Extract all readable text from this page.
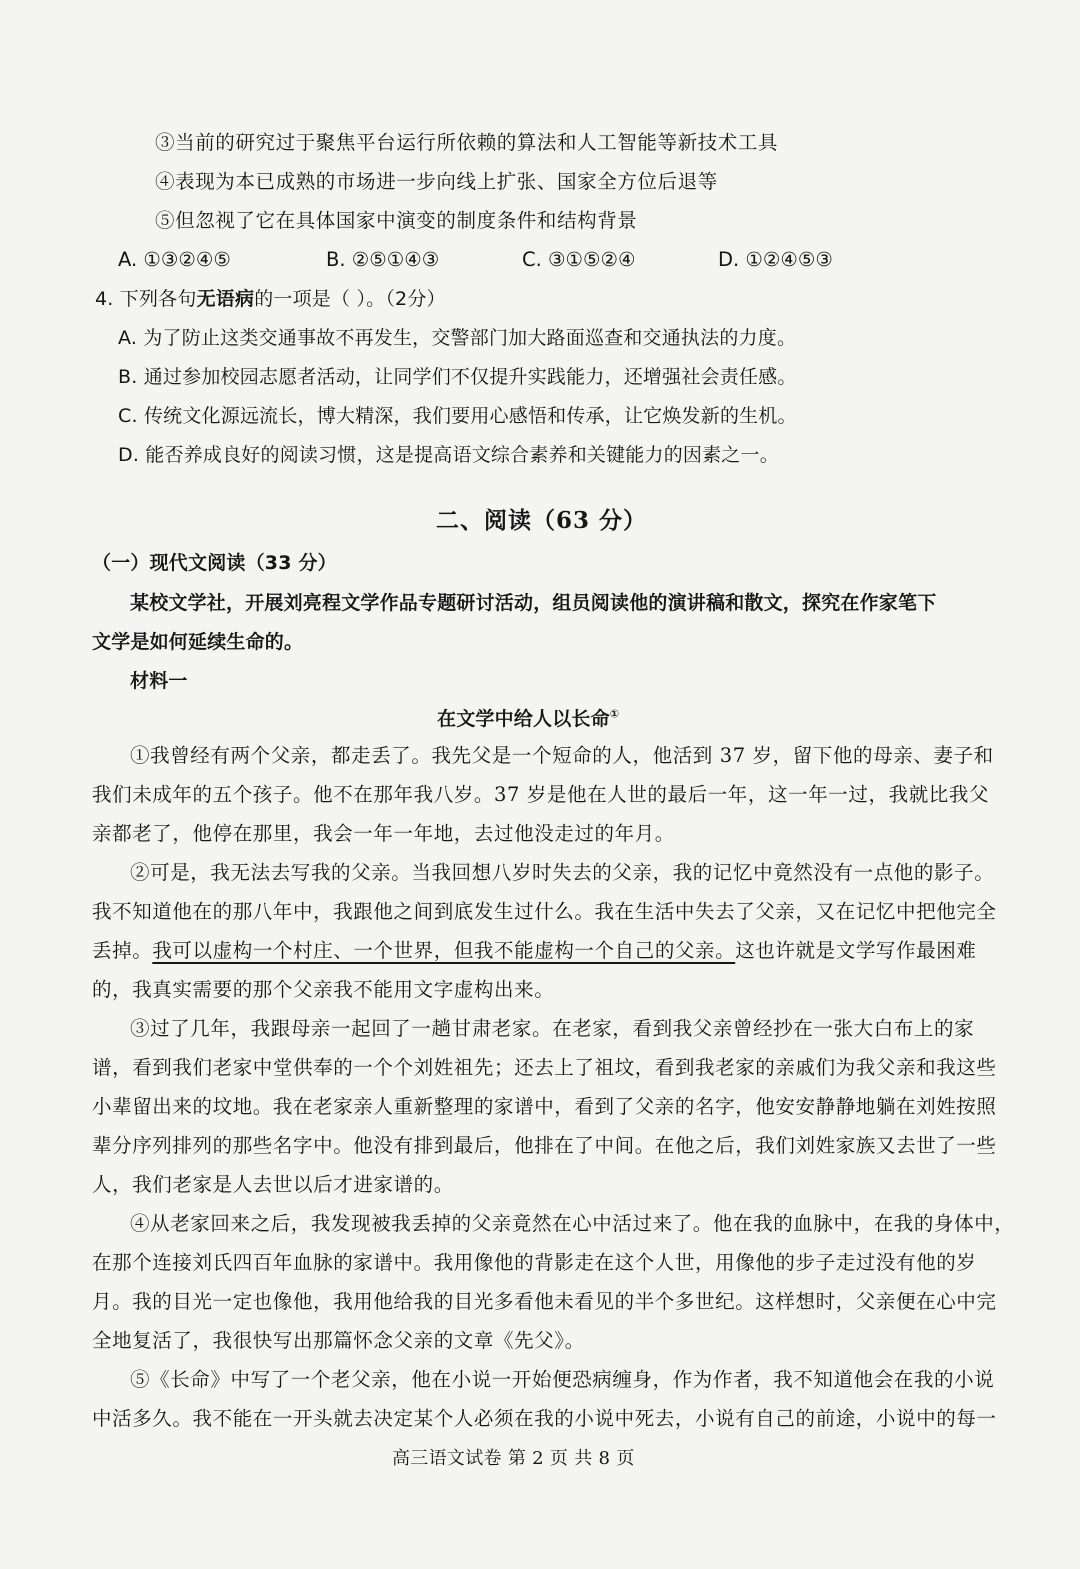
③当前的研究过于聚焦平台运行所依赖的算法和人工智能等新技术工具
④表现为本已成熟的市场进一步向线上扩张、国家全方位后退等
⑤但忽视了它在具体国家中演变的制度条件和结构背景
A. ①③②④⑤	B. ②⑤①④③	C. ③①⑤②④	D. ①②④⑤③
4. 下列各句无语病的一项是（ ）。（2分）
A. 为了防止这类交通事故不再发生，交警部门加大路面巡查和交通执法的力度。
B. 通过参加校园志愿者活动，让同学们不仅提升实践能力，还增强社会责任感。
C. 传统文化源远流长，博大精深，我们要用心感悟和传承，让它焕发新的生机。
D. 能否养成良好的阅读习惯，这是提高语文综合素养和关键能力的因素之一。
二、阅读（63 分）
（一）现代文阅读（33 分）
某校文学社，开展刘亮程文学作品专题研讨活动，组员阅读他的演讲稿和散文，探究在作家笔下
文学是如何延续生命的。
材料一
在文学中给人以长命①
①我曾经有两个父亲，都走丢了。我先父是一个短命的人，他活到 37 岁，留下他的母亲、妻子和
我们未成年的五个孩子。他不在那年我八岁。37 岁是他在人世的最后一年，这一年一过，我就比我父
亲都老了，他停在那里，我会一年一年地，去过他没走过的年月。
②可是，我无法去写我的父亲。当我回想八岁时失去的父亲，我的记忆中竟然没有一点他的影子。
我不知道他在的那八年中，我跟他之间到底发生过什么。我在生活中失去了父亲，又在记忆中把他完全
丢掉。我可以虚构一个村庄、一个世界，但我不能虚构一个自己的父亲。这也许就是文学写作最困难
的，我真实需要的那个父亲我不能用文字虚构出来。
③过了几年，我跟母亲一起回了一趟甘肃老家。在老家，看到我父亲曾经抄在一张大白布上的家
谱，看到我们老家中堂供奉的一个个刘姓祖先；还去上了祖坟，看到我老家的亲戚们为我父亲和我这些
小辈留出来的坟地。我在老家亲人重新整理的家谱中，看到了父亲的名字，他安安静静地躺在刘姓按照
辈分序列排列的那些名字中。他没有排到最后，他排在了中间。在他之后，我们刘姓家族又去世了一些
人，我们老家是人去世以后才进家谱的。
④从老家回来之后，我发现被我丢掉的父亲竟然在心中活过来了。他在我的血脉中，在我的身体中，
在那个连接刘氏四百年血脉的家谱中。我用像他的背影走在这个人世，用像他的步子走过没有他的岁
月。我的目光一定也像他，我用他给我的目光多看他未看见的半个多世纪。这样想时，父亲便在心中完
全地复活了，我很快写出那篇怀念父亲的文章《先父》。
⑤《长命》中写了一个老父亲，他在小说一开始便恐病缠身，作为作者，我不知道他会在我的小说
中活多久。我不能在一开头就去决定某个人必须在我的小说中死去，小说有自己的前途，小说中的每一
高三语文试卷 第 2 页 共 8 页
